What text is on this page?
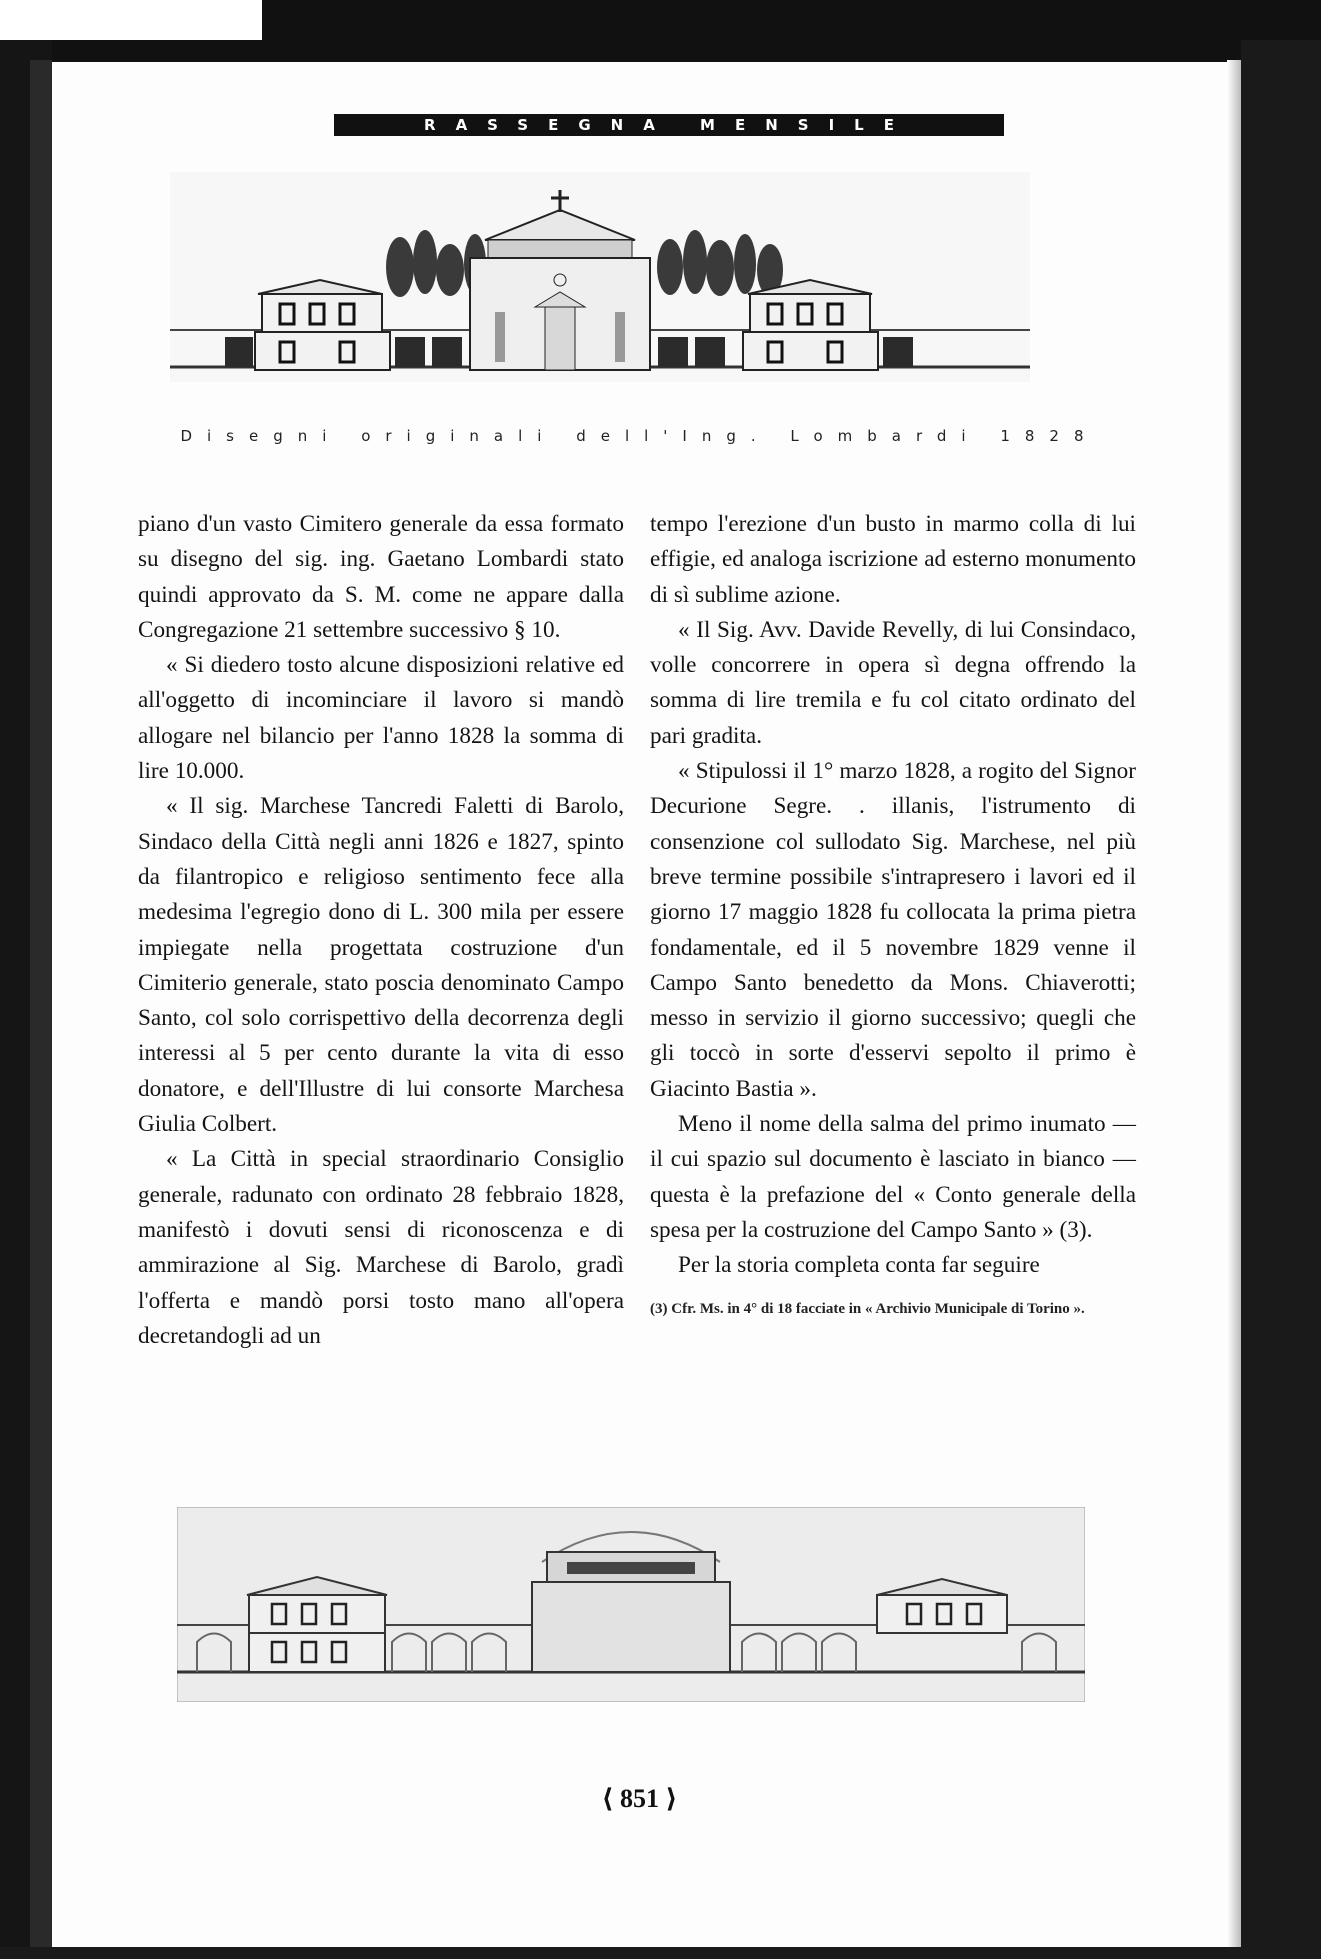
RASSEGNA MENSILE
Disegni originali dell'Ing. Lombardi 1828

piano d'un vasto Cimitero generale da essa formato su disegno del sig. ing. Gaetano Lombardi stato quindi approvato da S. M. come ne appare dalla Congregazione 21 settembre successivo § 10.

« Si diedero tosto alcune disposizioni relative ed all'oggetto di incominciare il lavoro si mandò allogare nel bilancio per l'anno 1828 la somma di lire 10.000.

« Il sig. Marchese Tancredi Faletti di Barolo, Sindaco della Città negli anni 1826 e 1827, spinto da filantropico e religioso sentimento fece alla medesima l'egregio dono di L. 300 mila per essere impiegate nella progettata costruzione d'un Cimiterio generale, stato poscia denominato Campo Santo, col solo corrispettivo della decorrenza degli interessi al 5 per cento durante la vita di esso donatore, e dell'Illustre di lui consorte Marchesa Giulia Colbert.

« La Città in special straordinario Consiglio generale, radunato con ordinato 28 febbraio 1828, manifestò i dovuti sensi di riconoscenza e di ammirazione al Sig. Marchese di Barolo, gradì l'offerta e mandò porsi tosto mano all'opera decretandogli ad un

tempo l'erezione d'un busto in marmo colla di lui effigie, ed analoga iscrizione ad esterno monumento di sì sublime azione.

« Il Sig. Avv. Davide Revelly, di lui Consindaco, volle concorrere in opera sì degna offrendo la somma di lire tremila e fu col citato ordinato del pari gradita.

« Stipulossi il 1° marzo 1828, a rogito del Signor Decurione Segre. . illanis, l'istrumento di consenzione col sullodato Sig. Marchese, nel più breve termine possibile s'intrapresero i lavori ed il giorno 17 maggio 1828 fu collocata la prima pietra fondamentale, ed il 5 novembre 1829 venne il Campo Santo benedetto da Mons. Chiaverotti; messo in servizio il giorno successivo; quegli che gli toccò in sorte d'esservi sepolto il primo è Giacinto Bastia ».

Meno il nome della salma del primo inumato — il cui spazio sul documento è lasciato in bianco — questa è la prefazione del « Conto generale della spesa per la costruzione del Campo Santo » (3).

Per la storia completa conta far seguire

(3) Cfr. Ms. in 4° di 18 facciate in « Archivio Municipale di Torino ».
⟨ 851 ⟩
